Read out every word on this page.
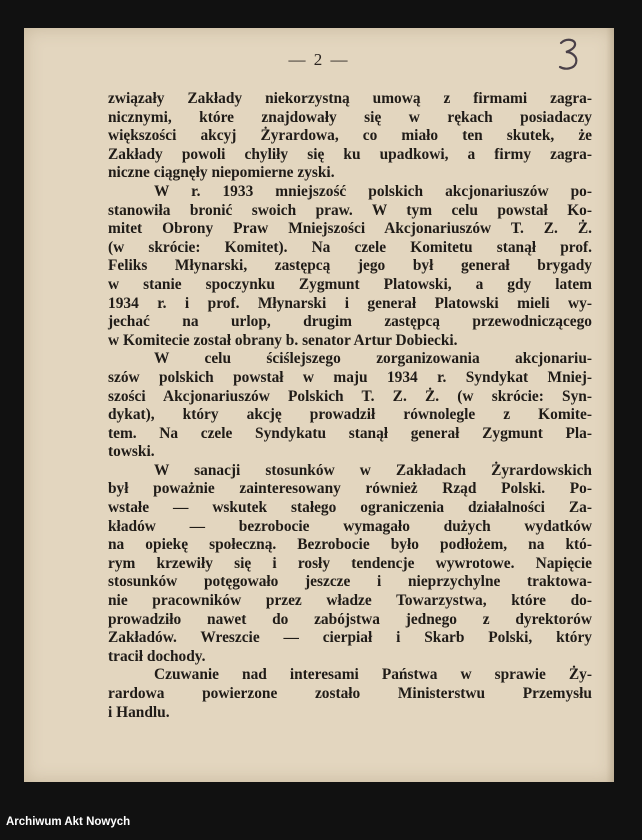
— 2 —
związały Zakłady niekorzystną umową z firmami zagra-
nicznymi, które znajdowały się w rękach posiadaczy
większości akcyj Żyrardowa, co miało ten skutek, że
Zakłady powoli chyliły się ku upadkowi, a firmy zagra-
niczne ciągnęły niepomierne zyski.
W r. 1933 mniejszość polskich akcjonariuszów po-
stanowiła bronić swoich praw. W tym celu powstał Ko-
mitet Obrony Praw Mniejszości Akcjonariuszów T. Z. Ż.
(w skrócie: Komitet). Na czele Komitetu stanął prof.
Feliks Młynarski, zastępcą jego był generał brygady
w stanie spoczynku Zygmunt Platowski, a gdy latem
1934 r. i prof. Młynarski i generał Platowski mieli wy-
jechać na urlop, drugim zastępcą przewodniczącego
w Komitecie został obrany b. senator Artur Dobiecki.
W celu ściślejszego zorganizowania akcjonariu-
szów polskich powstał w maju 1934 r. Syndykat Mniej-
szości Akcjonariuszów Polskich T. Z. Ż. (w skrócie: Syn-
dykat), który akcję prowadził równolegle z Komite-
tem. Na czele Syndykatu stanął generał Zygmunt Pla-
towski.
W sanacji stosunków w Zakładach Żyrardowskich
był poważnie zainteresowany również Rząd Polski. Po-
wstałe — wskutek stałego ograniczenia działalności Za-
kładów — bezrobocie wymagało dużych wydatków
na opiekę społeczną. Bezrobocie było podłożem, na któ-
rym krzewiły się i rosły tendencje wywrotowe. Napięcie
stosunków potęgowało jeszcze i nieprzychylne traktowa-
nie pracowników przez władze Towarzystwa, które do-
prowadziło nawet do zabójstwa jednego z dyrektorów
Zakładów. Wreszcie — cierpiał i Skarb Polski, który
tracił dochody.
Czuwanie nad interesami Państwa w sprawie Ży-
rardowa powierzone zostało Ministerstwu Przemysłu
i Handlu.
Archiwum Akt Nowych
